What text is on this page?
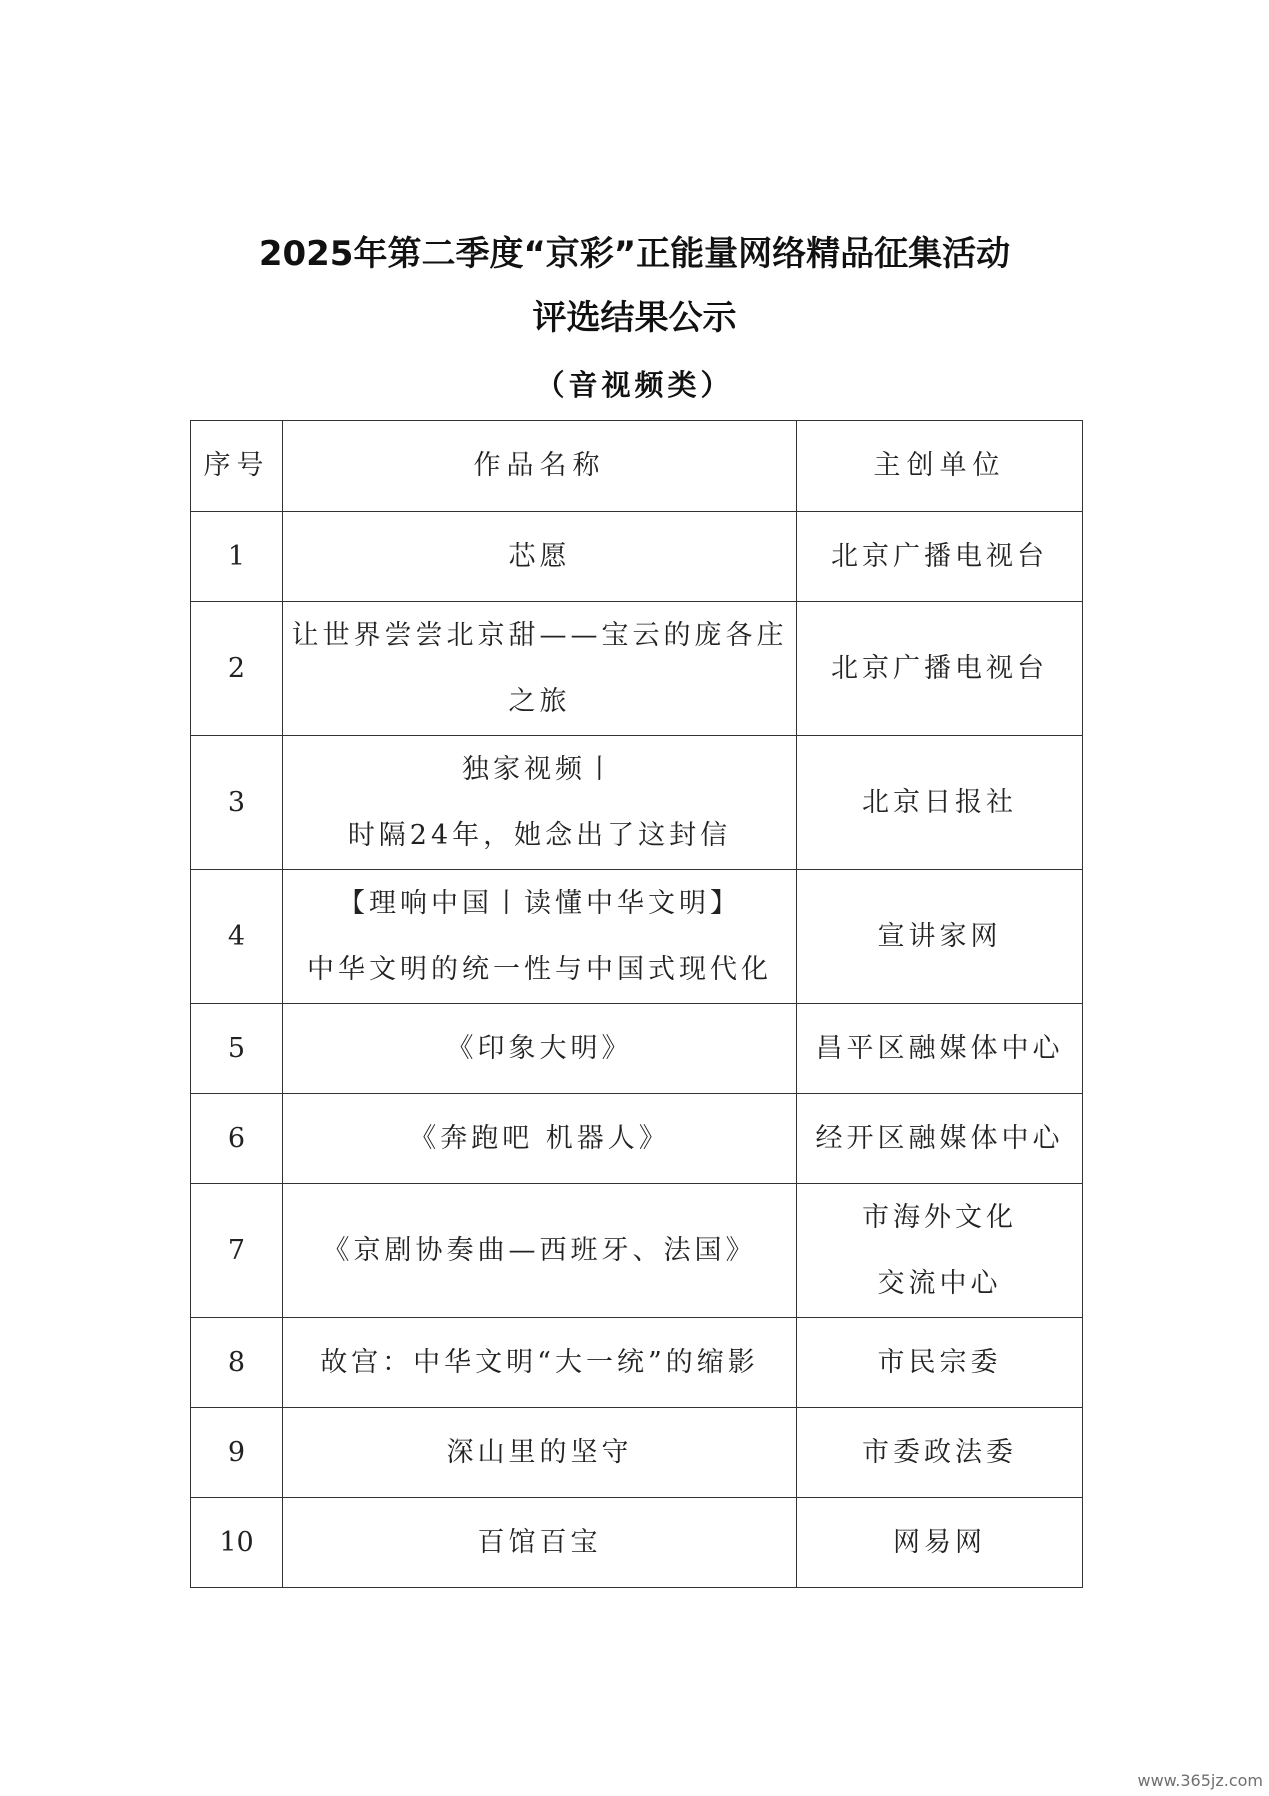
2025年第二季度“京彩”正能量网络精品征集活动
评选结果公示
（音视频类）
序号	作品名称	主创单位
1	芯愿	北京广播电视台

2	让世界尝尝北京甜——宝云的庞各庄
之旅	北京广播电视台

3	独家视频丨
时隔24年，她念出了这封信	北京日报社

4	【理响中国丨读懂中华文明】
中华文明的统一性与中国式现代化	宣讲家网

5	《印象大明》	昌平区融媒体中心

6	《奔跑吧 机器人》	经开区融媒体中心

7	《京剧协奏曲—西班牙、法国》	市海外文化
交流中心

8	故宫：中华文明“大一统”的缩影	市民宗委

9	深山里的坚守	市委政法委

10	百馆百宝	网易网
www.365jz.com
